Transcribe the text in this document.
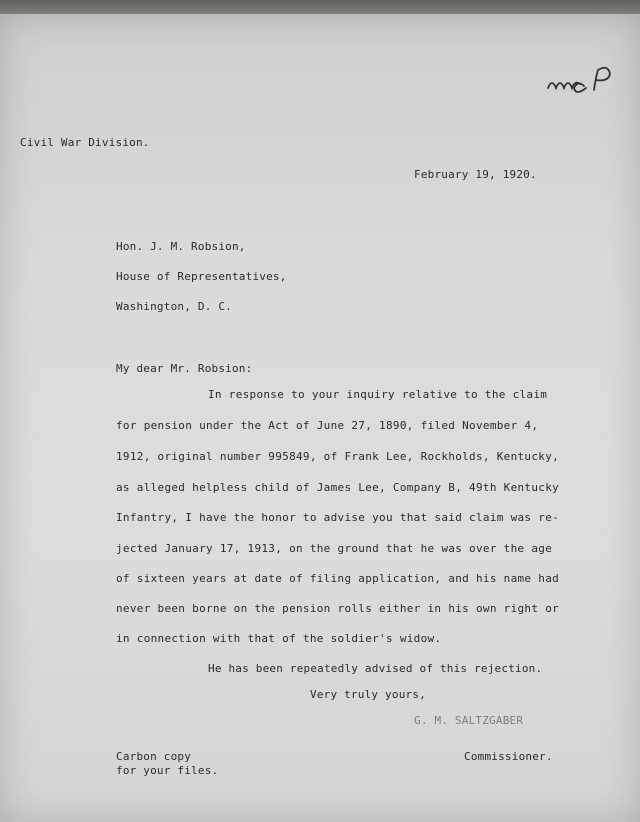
Civil War Division.
February 19, 1920.
Hon. J. M. Robsion,
House of Representatives,
Washington, D. C.
My dear Mr. Robsion:
In response to your inquiry relative to the claim
for pension under the Act of June 27, 1890, filed November 4,
1912, original number 995849, of Frank Lee, Rockholds, Kentucky,
as alleged helpless child of James Lee, Company B, 49th Kentucky
Infantry, I have the honor to advise you that said claim was re-
jected January 17, 1913, on the ground that he was over the age
of sixteen years at date of filing application, and his name had
never been borne on the pension rolls either in his own right or
in connection with that of the soldier's widow.
He has been repeatedly advised of this rejection.
Very truly yours,
G. M. SALTZGABER
Commissioner.
Carbon copy
for your files.
